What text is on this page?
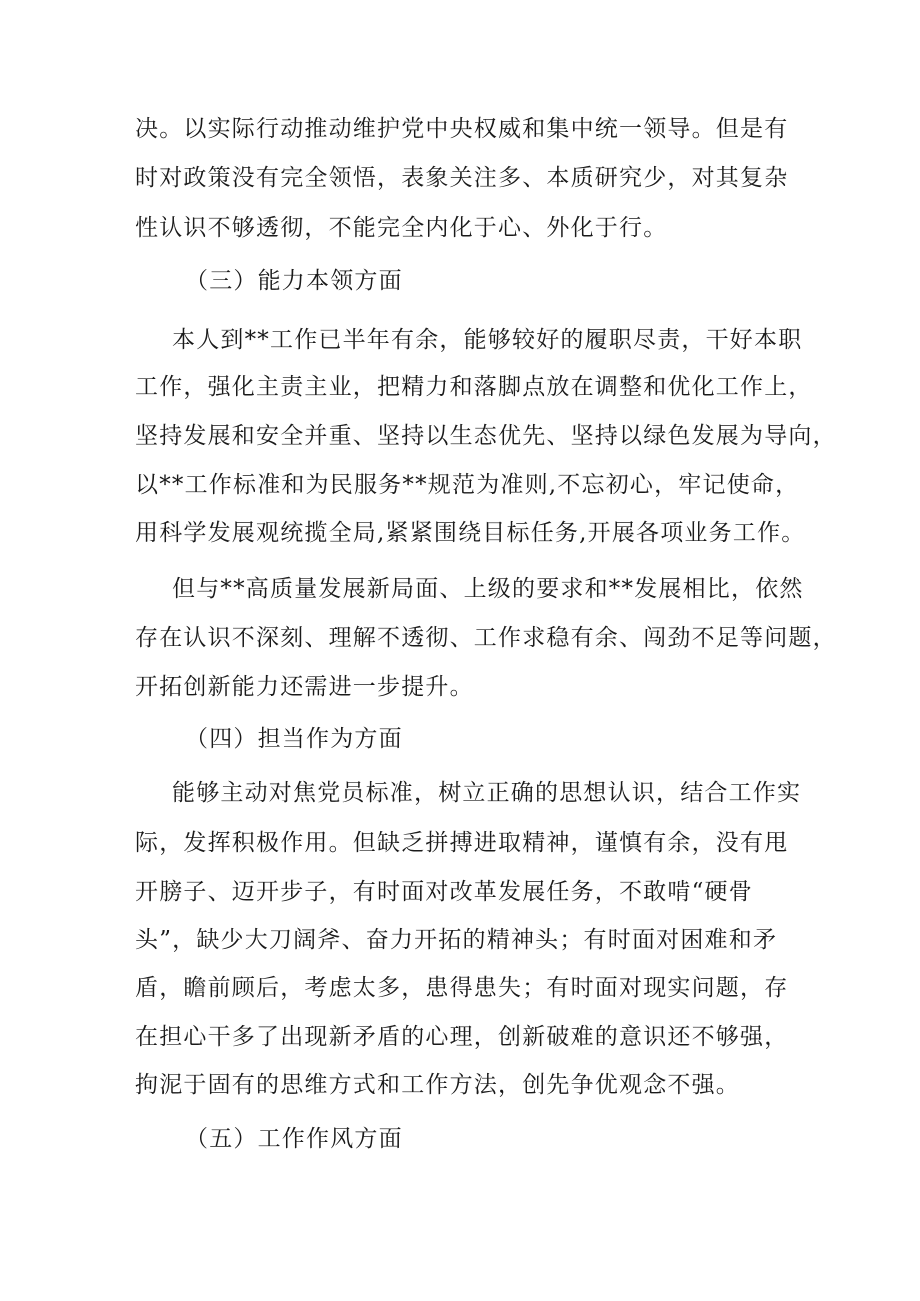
决。以实际行动推动维护党中央权威和集中统一领导。但是有
时对政策没有完全领悟，表象关注多、本质研究少，对其复杂
性认识不够透彻，不能完全内化于心、外化于行。
（三）能力本领方面
本人到**工作已半年有余，能够较好的履职尽责，干好本职
工作，强化主责主业，把精力和落脚点放在调整和优化工作上，
坚持发展和安全并重、坚持以生态优先、坚持以绿色发展为导向，
以**工作标准和为民服务**规范为准则,不忘初心，牢记使命，
用科学发展观统揽全局,紧紧围绕目标任务,开展各项业务工作。
但与**高质量发展新局面、上级的要求和**发展相比，依然
存在认识不深刻、理解不透彻、工作求稳有余、闯劲不足等问题，
开拓创新能力还需进一步提升。
（四）担当作为方面
能够主动对焦党员标准，树立正确的思想认识，结合工作实
际，发挥积极作用。但缺乏拼搏进取精神，谨慎有余，没有甩
开膀子、迈开步子，有时面对改革发展任务，不敢啃“硬骨
头”，缺少大刀阔斧、奋力开拓的精神头；有时面对困难和矛
盾，瞻前顾后，考虑太多，患得患失；有时面对现实问题，存
在担心干多了出现新矛盾的心理，创新破难的意识还不够强，
拘泥于固有的思维方式和工作方法，创先争优观念不强。
（五）工作作风方面
